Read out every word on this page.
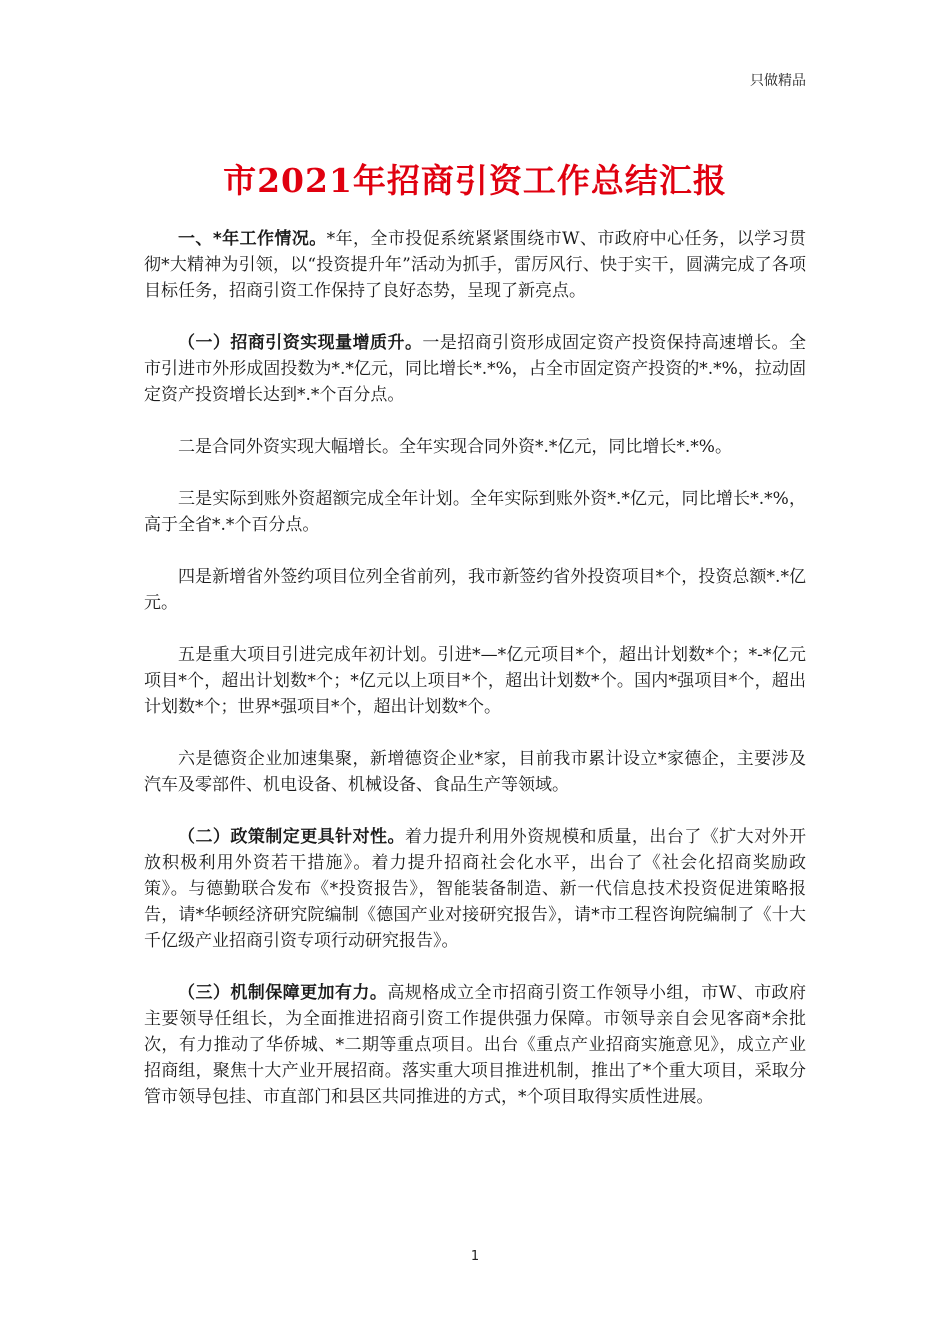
只做精品
市2021年招商引资工作总结汇报

一、*年工作情况。*年，全市投促系统紧紧围绕市W、市政府中心任务，以学习贯彻*大精神为引领，以“投资提升年”活动为抓手，雷厉风行、快于实干，圆满完成了各项目标任务，招商引资工作保持了良好态势，呈现了新亮点。

（一）招商引资实现量增质升。一是招商引资形成固定资产投资保持高速增长。全市引进市外形成固投数为*.*亿元，同比增长*.*%，占全市固定资产投资的*.*%，拉动固定资产投资增长达到*.*个百分点。

二是合同外资实现大幅增长。全年实现合同外资*.*亿元，同比增长*.*%。

三是实际到账外资超额完成全年计划。全年实际到账外资*.*亿元，同比增长*.*%，高于全省*.*个百分点。

四是新增省外签约项目位列全省前列，我市新签约省外投资项目*个，投资总额*.*亿元。

五是重大项目引进完成年初计划。引进*—*亿元项目*个，超出计划数*个；*-*亿元项目*个，超出计划数*个；*亿元以上项目*个，超出计划数*个。国内*强项目*个，超出计划数*个；世界*强项目*个，超出计划数*个。

六是德资企业加速集聚，新增德资企业*家，目前我市累计设立*家德企，主要涉及汽车及零部件、机电设备、机械设备、食品生产等领域。

（二）政策制定更具针对性。着力提升利用外资规模和质量，出台了《扩大对外开放积极利用外资若干措施》。着力提升招商社会化水平，出台了《社会化招商奖励政策》。与德勤联合发布《*投资报告》，智能装备制造、新一代信息技术投资促进策略报告，请*华顿经济研究院编制《德国产业对接研究报告》，请*市工程咨询院编制了《十大千亿级产业招商引资专项行动研究报告》。

（三）机制保障更加有力。高规格成立全市招商引资工作领导小组，市W、市政府主要领导任组长，为全面推进招商引资工作提供强力保障。市领导亲自会见客商*余批次，有力推动了华侨城、*二期等重点项目。出台《重点产业招商实施意见》，成立产业招商组，聚焦十大产业开展招商。落实重大项目推进机制，推出了*个重大项目，采取分管市领导包挂、市直部门和县区共同推进的方式，*个项目取得实质性进展。

1
